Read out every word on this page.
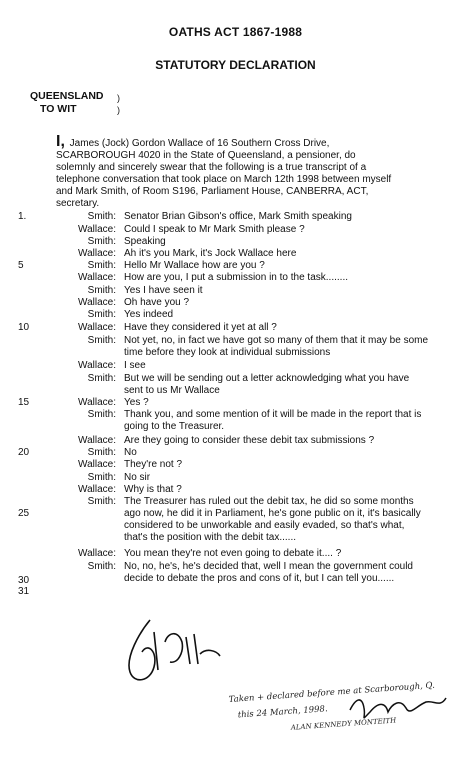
OATHS ACT 1867-1988
STATUTORY DECLARATION
QUEENSLAND
TO WIT
)
)
I, James (Jock) Gordon Wallace of 16 Southern Cross Drive, SCARBOROUGH 4020 in the State of Queensland, a pensioner, do solemnly and sincerely swear that the following is a true transcript of a telephone conversation that took place on March 12th 1998 between myself and Mark Smith, of Room S196, Parliament House, CANBERRA, ACT, secretary.
1.	Smith: Senator Brian Gibson's office, Mark Smith speaking
Wallace: Could I speak to Mr Mark Smith please ?
Smith: Speaking
Wallace: Ah it's you Mark, it's Jock Wallace here
5	Smith: Hello Mr Wallace how are you ?
Wallace: How are you, I put a submission in to the task........
Smith: Yes I have seen it
Wallace: Oh have you ?
Smith: Yes indeed
10	Wallace: Have they considered it yet at all ?
Smith: Not yet, no, in fact we have got so many of them that it may be some time before they look at individual submissions
Wallace: I see
Smith: But we will be sending out a letter acknowledging what you have sent to us Mr Wallace
15	Wallace: Yes ?
Smith: Thank you, and some mention of it will be made in the report that is going to the Treasurer.
Wallace: Are they going to consider these debit tax submissions ?
20	Smith: No
Wallace: They're not ?
Smith: No sir
Wallace: Why is that ?
Smith: The Treasurer has ruled out the debit tax, he did so some months ago now, he did it in Parliament, he's gone public on it, it's basically considered to be unworkable and easily evaded, so that's what, that's the position with the debit tax......
25
Wallace: You mean they're not even going to debate it.... ?
Smith: No, no, he's, he's decided that, well I mean the government could decide to debate the pros and cons of it, but I can tell you......
30
31
J. Wallace
Taken + declared before me at Scarborough, Q.
this 24 March, 1998.
ALAN KENNEDY MONTEITH
